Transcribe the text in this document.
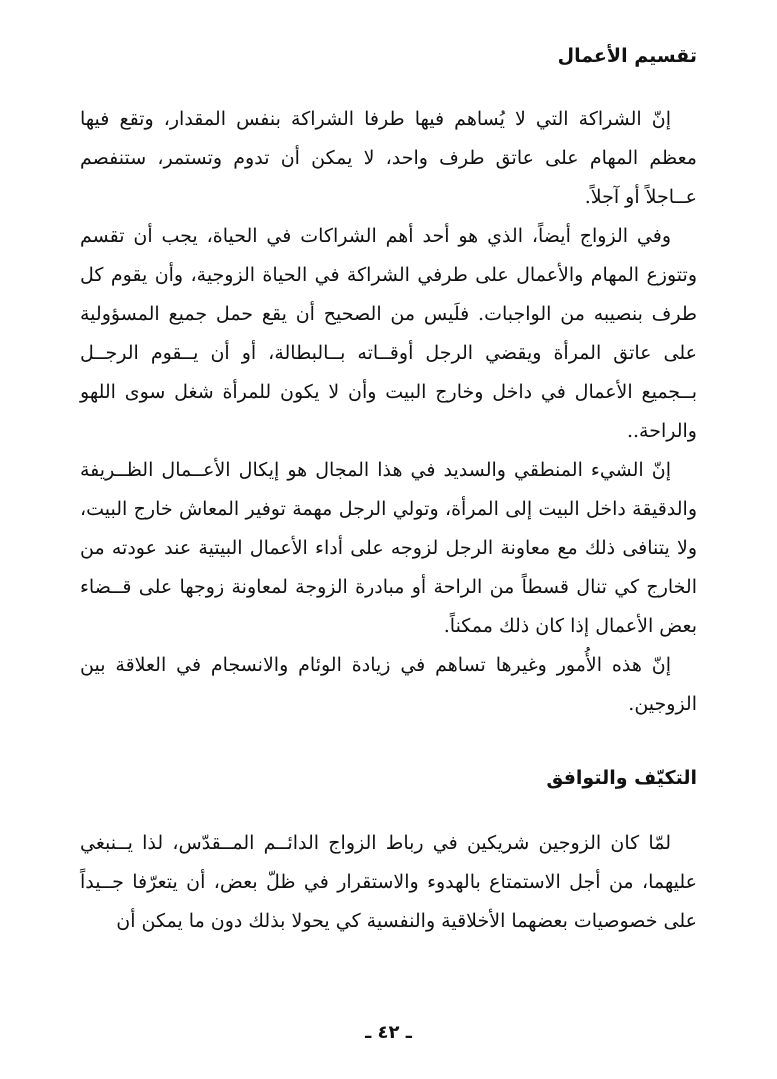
تقسيم الأعمال

إنّ الشراكة التي لا يُساهم فيها طرفا الشراكة بنفس المقدار، وتقع فيها معظم المهام على عاتق طرف واحد، لا يمكن أن تدوم وتستمر، ستنفصم عــاجلاً أو آجلاً.

وفي الزواج أيضاً، الذي هو أحد أهم الشراكات في الحياة، يجب أن تقسم وتتوزع المهام والأعمال على طرفي الشراكة في الحياة الزوجية، وأن يقوم كل طرف بنصيبه من الواجبات. فلَيس من الصحيح أن يقع حمل جميع المسؤولية على عاتق المرأة ويقضي الرجل أوقــاته بــالبطالة، أو أن يــقوم الرجــل بــجميع الأعمال في داخل وخارج البيت وأن لا يكون للمرأة شغل سوى اللهو والراحة..

إنّ الشيء المنطقي والسديد في هذا المجال هو إيكال الأعــمال الظــريفة والدقيقة داخل البيت إلى المرأة، وتولي الرجل مهمة توفير المعاش خارج البيت، ولا يتنافى ذلك مع معاونة الرجل لزوجه على أداء الأعمال البيتية عند عودته من الخارج كي تنال قسطاً من الراحة أو مبادرة الزوجة لمعاونة زوجها على قــضاء بعض الأعمال إذا كان ذلك ممكناً.

إنّ هذه الأُمور وغيرها تساهم في زيادة الوئام والانسجام في العلاقة بين الزوجين.

التكيّف والتوافق

لمّا كان الزوجين شريكين في رباط الزواج الدائــم المــقدّس، لذا يــنبغي عليهما، من أجل الاستمتاع بالهدوء والاستقرار في ظلّ بعض، أن يتعرّفا جــيداً على خصوصيات بعضهما الأخلاقية والنفسية كي يحولا بذلك دون ما يمكن أن

ـ ٤٢ ـ
